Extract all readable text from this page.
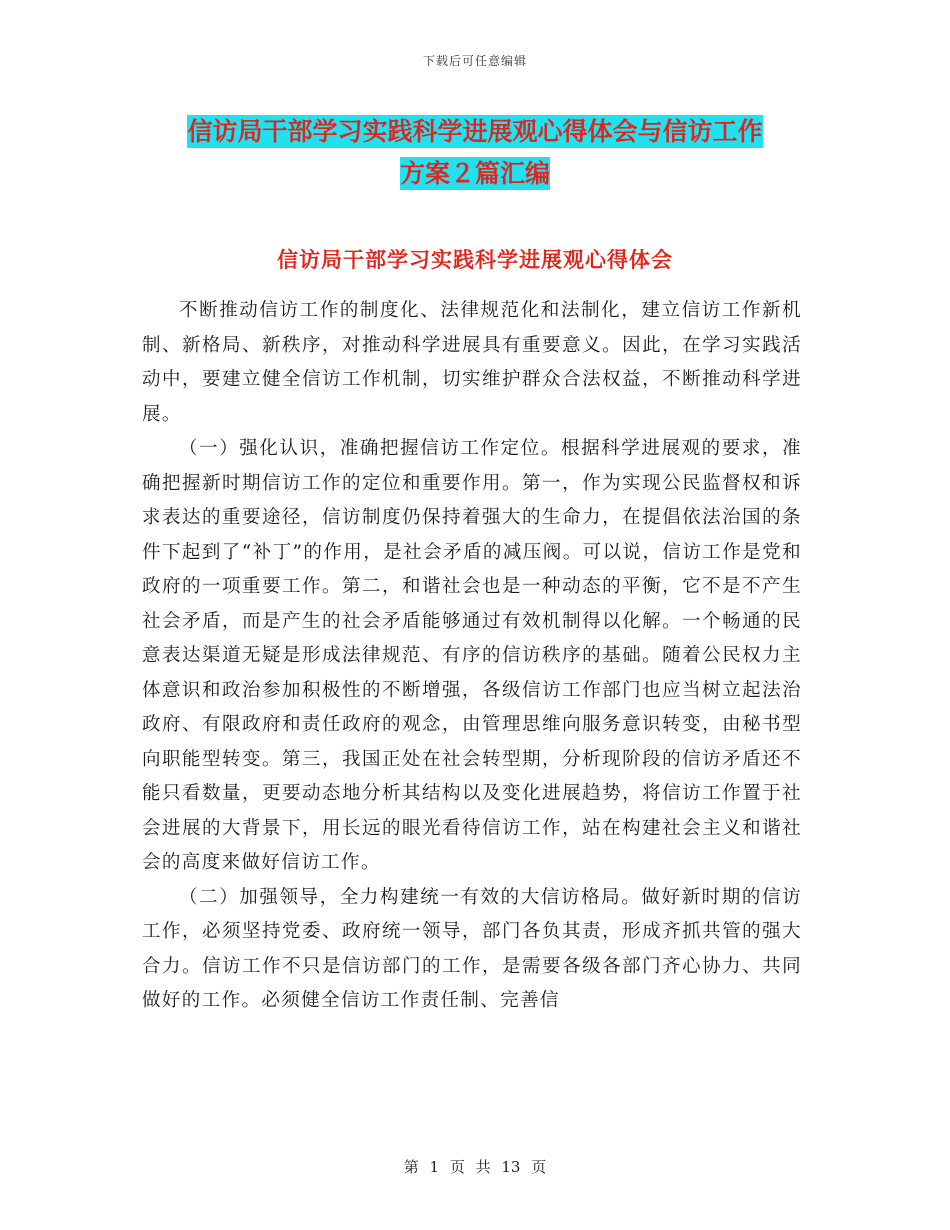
下载后可任意编辑
信访局干部学习实践科学进展观心得体会与信访工作
方案２篇汇编
信访局干部学习实践科学进展观心得体会

不断推动信访工作的制度化、法律规范化和法制化，建立信访工作新机制、新格局、新秩序，对推动科学进展具有重要意义。因此，在学习实践活动中，要建立健全信访工作机制，切实维护群众合法权益，不断推动科学进展。

（一）强化认识，准确把握信访工作定位。根据科学进展观的要求，准确把握新时期信访工作的定位和重要作用。第一，作为实现公民监督权和诉求表达的重要途径，信访制度仍保持着强大的生命力，在提倡依法治国的条件下起到了“补丁”的作用，是社会矛盾的减压阀。可以说，信访工作是党和政府的一项重要工作。第二，和谐社会也是一种动态的平衡，它不是不产生社会矛盾，而是产生的社会矛盾能够通过有效机制得以化解。一个畅通的民意表达渠道无疑是形成法律规范、有序的信访秩序的基础。随着公民权力主体意识和政治参加积极性的不断增强，各级信访工作部门也应当树立起法治政府、有限政府和责任政府的观念，由管理思维向服务意识转变，由秘书型向职能型转变。第三，我国正处在社会转型期，分析现阶段的信访矛盾还不能只看数量，更要动态地分析其结构以及变化进展趋势，将信访工作置于社会进展的大背景下，用长远的眼光看待信访工作，站在构建社会主义和谐社会的高度来做好信访工作。

（二）加强领导，全力构建统一有效的大信访格局。做好新时期的信访工作，必须坚持党委、政府统一领导，部门各负其责，形成齐抓共管的强大合力。信访工作不只是信访部门的工作，是需要各级各部门齐心协力、共同做好的工作。必须健全信访工作责任制、完善信

第 1 页 共 13 页
